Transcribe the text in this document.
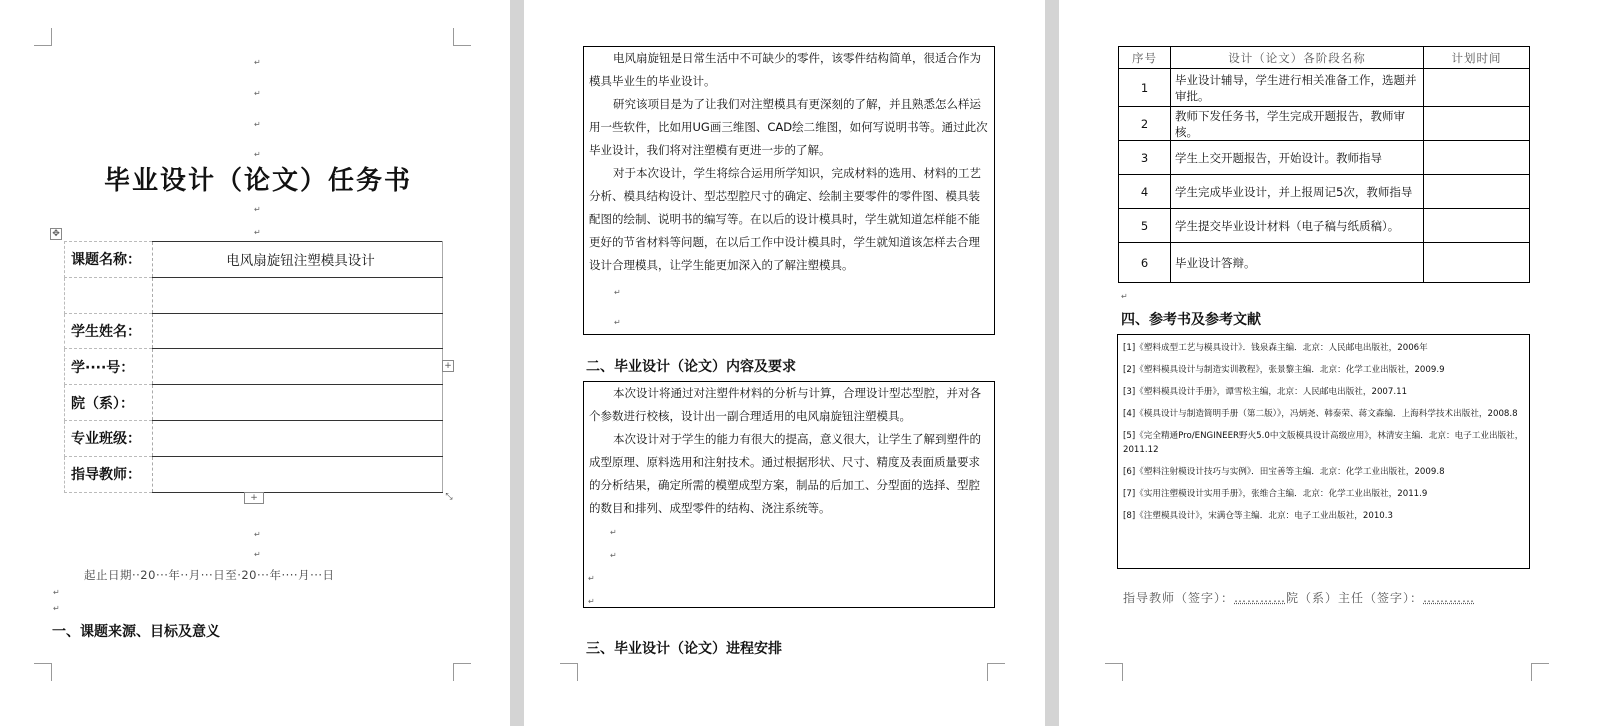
↵
↵
↵
↵
毕业设计（论文）任务书
↵
↵
✥
课题名称：	电风扇旋钮注塑模具设计

学生姓名：	
学····号：	
院（系）：	
专业班级：	
指导教师：	
+
+	⤡
↵
↵
起止日期··20···年··月···日至·20···年····月···日
↵
↵
一、课题来源、目标及意义

电风扇旋钮是日常生活中不可缺少的零件，该零件结构简单，很适合作为模具毕业生的毕业设计。

研究该项目是为了让我们对注塑模具有更深刻的了解，并且熟悉怎么样运用一些软件，比如用UG画三维图、CAD绘二维图，如何写说明书等。通过此次毕业设计，我们将对注塑模有更进一步的了解。

对于本次设计，学生将综合运用所学知识，完成材料的选用、材料的工艺分析、模具结构设计、型芯型腔尺寸的确定、绘制主要零件的零件图、模具装配图的绘制、说明书的编写等。在以后的设计模具时，学生就知道怎样能不能更好的节省材料等问题，在以后工作中设计模具时，学生就知道该怎样去合理设计合理模具，让学生能更加深入的了解注塑模具。

↵
↵
二、毕业设计（论文）内容及要求

本次设计将通过对注塑件材料的分析与计算，合理设计型芯型腔，并对各个参数进行校核，设计出一副合理适用的电风扇旋钮注塑模具。

本次设计对于学生的能力有很大的提高，意义很大，让学生了解到塑件的成型原理、原料选用和注射技术。通过根据形状、尺寸、精度及表面质量要求的分析结果，确定所需的模塑成型方案，制品的后加工、分型面的选择、型腔的数目和排列、成型零件的结构、浇注系统等。

↵
↵
↵
↵
三、毕业设计（论文）进程安排
序号	设计（论文）各阶段名称	计划时间
1	毕业设计辅导，学生进行相关准备工作，选题并审批。	
2	教师下发任务书，学生完成开题报告，教师审核。	
3	学生上交开题报告，开始设计。教师指导	
4	学生完成毕业设计，并上报周记5次，教师指导	
5	学生提交毕业设计材料（电子稿与纸质稿）。	
6	毕业设计答辩。	
↵
四、参考书及参考文献
[1]《塑料成型工艺与模具设计》．钱泉森主编．北京：人民邮电出版社，2006年
[2]《塑料模具设计与制造实训教程》，张景黎主编．北京：化学工业出版社，2009.9
[3]《塑料模具设计手册》，谭雪松主编，北京：人民邮电出版社，2007.11
[4]《模具设计与制造简明手册（第二版）》，冯炳尧、韩泰荣、蒋文森编．上海科学技术出版社，2008.8
[5]《完全精通Pro/ENGINEER野火5.0中文版模具设计高级应用》，林清安主编．北京：电子工业出版社，2011.12
[6]《塑料注射模设计技巧与实例》．田宝善等主编．北京：化学工业出版社，2009.8
[7]《实用注塑模设计实用手册》，张维合主编．北京：化学工业出版社，2011.9
[8]《注塑模具设计》，宋满仓等主编．北京：电子工业出版社，2010.3
指导教师（签字）：…………院（系）主任（签字）：…………
